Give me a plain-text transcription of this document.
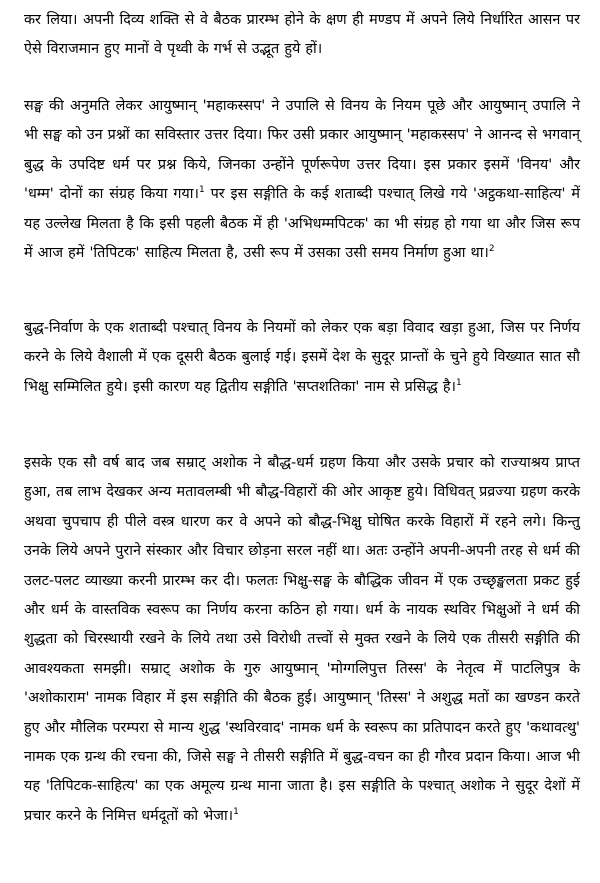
कर लिया। अपनी दिव्य शक्ति से वे बैठक प्रारम्भ होने के क्षण ही मण्डप में अपने लिये निर्धारित आसन पर ऐसे विराजमान हुए मानों वे पृथ्वी के गर्भ से उद्भूत हुये हों।

सङ्घ की अनुमति लेकर आयुष्मान् 'महाकस्सप' ने उपालि से विनय के नियम पूछे और आयुष्मान् उपालि ने भी सङ्घ को उन प्रश्नों का सविस्तार उत्तर दिया। फिर उसी प्रकार आयुष्मान् 'महाकस्सप' ने आनन्द से भगवान् बुद्ध के उपदिष्ट धर्म पर प्रश्न किये, जिनका उन्होंने पूर्णरूपेण उत्तर दिया। इस प्रकार इसमें 'विनय' और 'धम्म' दोनों का संग्रह किया गया।$^1$ पर इस सङ्गीति के कई शताब्दी पश्चात् लिखे गये 'अट्ठकथा-साहित्य' में यह उल्लेख मिलता है कि इसी पहली बैठक में ही 'अभिधम्मपिटक' का भी संग्रह हो गया था और जिस रूप में आज हमें 'तिपिटक' साहित्य मिलता है, उसी रूप में उसका उसी समय निर्माण हुआ था।$^2$

बुद्ध-निर्वाण के एक शताब्दी पश्चात् विनय के नियमों को लेकर एक बड़ा विवाद खड़ा हुआ, जिस पर निर्णय करने के लिये वैशाली में एक दूसरी बैठक बुलाई गई। इसमें देश के सुदूर प्रान्तों के चुने हुये विख्यात सात सौ भिक्षु सम्मिलित हुये। इसी कारण यह द्वितीय सङ्गीति 'सप्तशतिका' नाम से प्रसिद्ध है।$^1$

इसके एक सौ वर्ष बाद जब सम्राट् अशोक ने बौद्ध-धर्म ग्रहण किया और उसके प्रचार को राज्याश्रय प्राप्त हुआ, तब लाभ देखकर अन्य मतावलम्बी भी बौद्ध-विहारों की ओर आकृष्ट हुये। विधिवत् प्रव्रज्या ग्रहण करके अथवा चुपचाप ही पीले वस्त्र धारण कर वे अपने को बौद्ध-भिक्षु घोषित करके विहारों में रहने लगे। किन्तु उनके लिये अपने पुराने संस्कार और विचार छोड़ना सरल नहीं था। अतः उन्होंने अपनी-अपनी तरह से धर्म की उलट-पलट व्याख्या करनी प्रारम्भ कर दी। फलतः भिक्षु-सङ्घ के बौद्धिक जीवन में एक उच्छृङ्खलता प्रकट हुई और धर्म के वास्तविक स्वरूप का निर्णय करना कठिन हो गया। धर्म के नायक स्थविर भिक्षुओं ने धर्म की शुद्धता को चिरस्थायी रखने के लिये तथा उसे विरोधी तत्त्वों से मुक्त रखने के लिये एक तीसरी सङ्गीति की आवश्यकता समझी। सम्राट् अशोक के गुरु आयुष्मान् 'मोग्गलिपुत्त तिस्स' के नेतृत्व में पाटलिपुत्र के 'अशोकाराम' नामक विहार में इस सङ्गीति की बैठक हुई। आयुष्मान् 'तिस्स' ने अशुद्ध मतों का खण्डन करते हुए और मौलिक परम्परा से मान्य शुद्ध 'स्थविरवाद' नामक धर्म के स्वरूप का प्रतिपादन करते हुए 'कथावत्थु' नामक एक ग्रन्थ की रचना की, जिसे सङ्घ ने तीसरी सङ्गीति में बुद्ध-वचन का ही गौरव प्रदान किया। आज भी यह 'तिपिटक-साहित्य' का एक अमूल्य ग्रन्थ माना जाता है। इस सङ्गीति के पश्चात् अशोक ने सुदूर देशों में प्रचार करने के निमित्त धर्मदूतों को भेजा।$^1$
